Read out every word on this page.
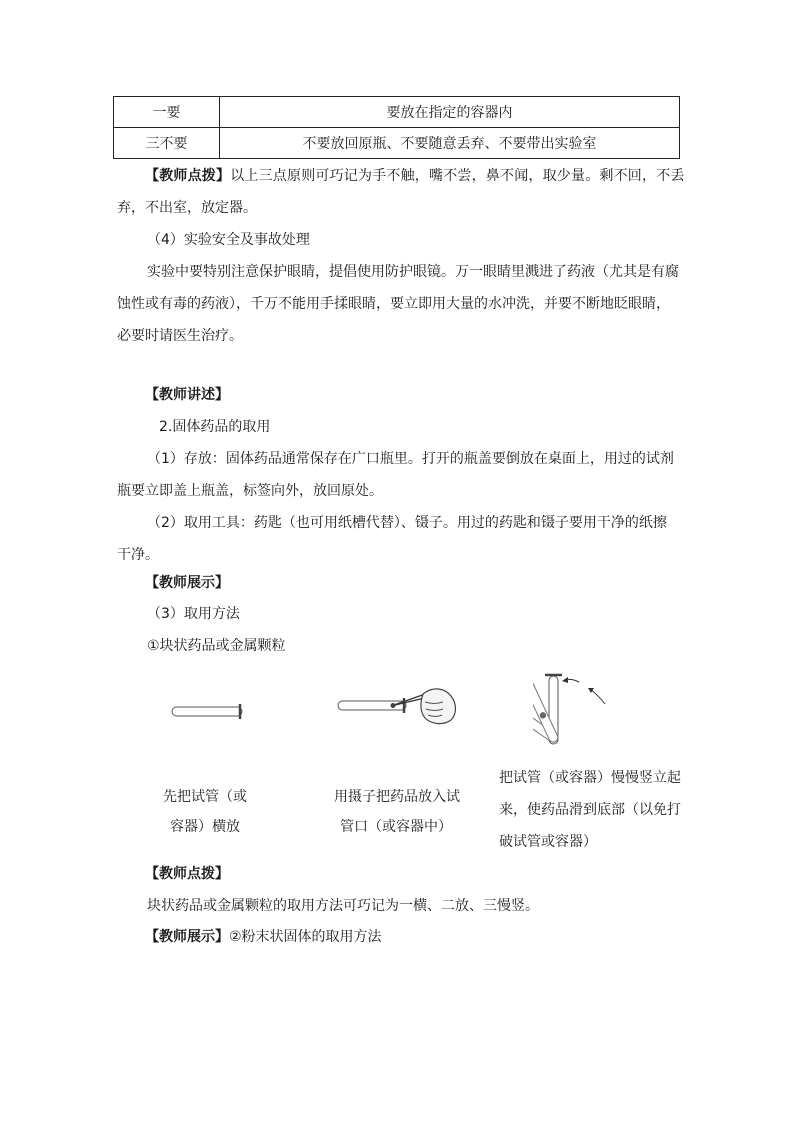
一要	要放在指定的容器内
三不要	不要放回原瓶、不要随意丢弃、不要带出实验室
【教师点拨】以上三点原则可巧记为手不触，嘴不尝，鼻不闻，取少量。剩不回，不丢
弃，不出室，放定器。
（4）实验安全及事故处理
实验中要特别注意保护眼睛，提倡使用防护眼镜。万一眼睛里溅进了药液（尤其是有腐
蚀性或有毒的药液），千万不能用手揉眼睛，要立即用大量的水冲洗，并要不断地眨眼睛，
必要时请医生治疗。
【教师讲述】
2.固体药品的取用
（1）存放：固体药品通常保存在广口瓶里。打开的瓶盖要倒放在桌面上，用过的试剂
瓶要立即盖上瓶盖，标签向外，放回原处。
（2）取用工具：药匙（也可用纸槽代替）、镊子。用过的药匙和镊子要用干净的纸擦
干净。
【教师展示】
（3）取用方法
①块状药品或金属颗粒
先把试管（或
容器）横放
用摄子把药品放入试
管口（或容器中）
把试管（或容器）慢慢竖立起
来，使药品滑到底部（以免打
破试管或容器）
【教师点拨】
块状药品或金属颗粒的取用方法可巧记为一横、二放、三慢竖。
【教师展示】②粉末状固体的取用方法
